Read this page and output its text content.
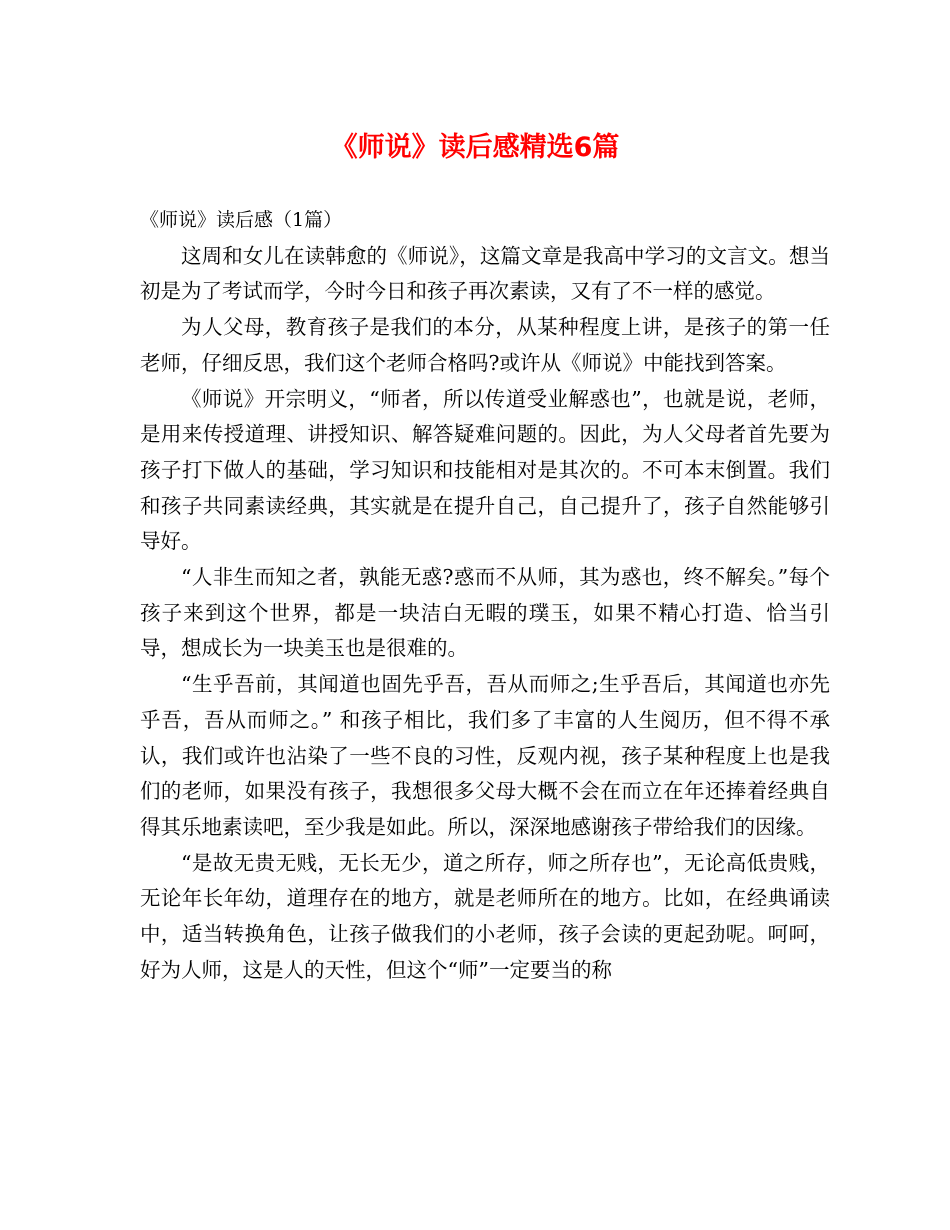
《师说》读后感精选6篇

《师说》读后感（1篇）

这周和女儿在读韩愈的《师说》，这篇文章是我高中学习的文言文。想当初是为了考试而学，今时今日和孩子再次素读，又有了不一样的感觉。

为人父母，教育孩子是我们的本分，从某种程度上讲，是孩子的第一任老师，仔细反思，我们这个老师合格吗?或许从《师说》中能找到答案。

《师说》开宗明义，“师者，所以传道受业解惑也”，也就是说，老师，是用来传授道理、讲授知识、解答疑难问题的。因此，为人父母者首先要为孩子打下做人的基础，学习知识和技能相对是其次的。不可本末倒置。我们和孩子共同素读经典，其实就是在提升自己，自己提升了，孩子自然能够引导好。

“人非生而知之者，孰能无惑?惑而不从师，其为惑也，终不解矣。”每个孩子来到这个世界，都是一块洁白无暇的璞玉，如果不精心打造、恰当引导，想成长为一块美玉也是很难的。

“生乎吾前，其闻道也固先乎吾，吾从而师之;生乎吾后，其闻道也亦先乎吾，吾从而师之。” 和孩子相比，我们多了丰富的人生阅历，但不得不承认，我们或许也沾染了一些不良的习性，反观内视，孩子某种程度上也是我们的老师，如果没有孩子，我想很多父母大概不会在而立在年还捧着经典自得其乐地素读吧，至少我是如此。所以，深深地感谢孩子带给我们的因缘。

“是故无贵无贱，无长无少，道之所存，师之所存也”，无论高低贵贱，无论年长年幼，道理存在的地方，就是老师所在的地方。比如，在经典诵读中，适当转换角色，让孩子做我们的小老师，孩子会读的更起劲呢。呵呵，好为人师，这是人的天性，但这个“师”一定要当的称
